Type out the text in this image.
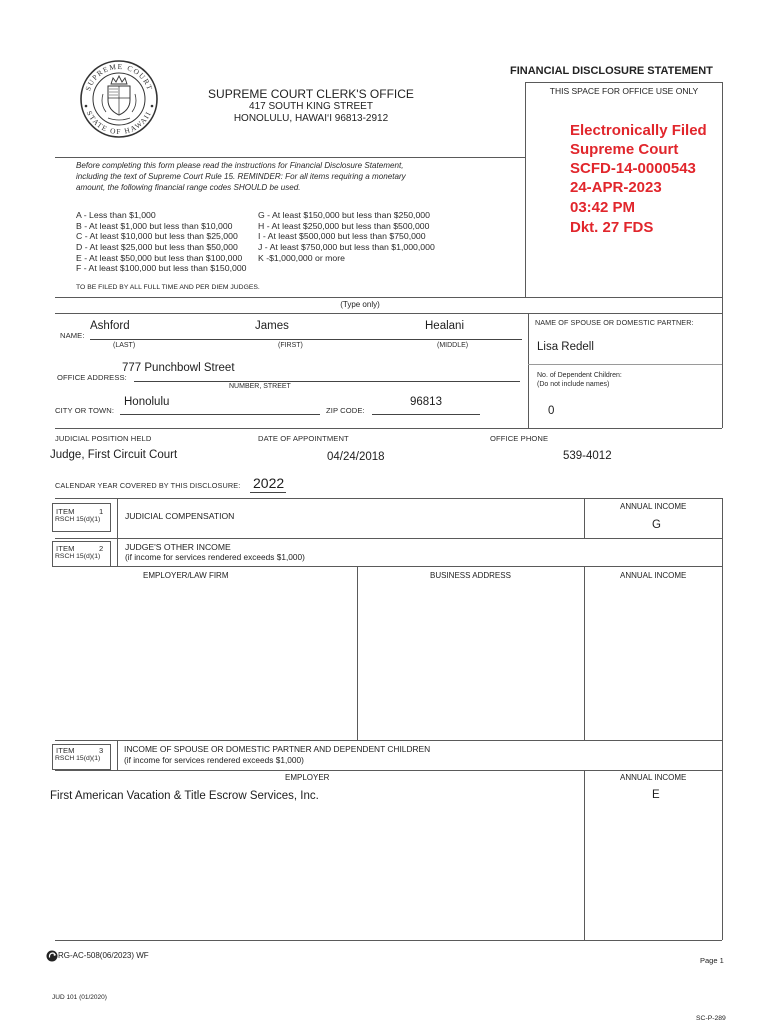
SUPREME COURT
STATE OF HAWAII
FINANCIAL DISCLOSURE STATEMENT
THIS SPACE FOR OFFICE USE ONLY
Electronically Filed
Supreme Court
SCFD-14-0000543
24-APR-2023
03:42 PM
Dkt. 27 FDS
SUPREME COURT CLERK'S OFFICE
417 SOUTH KING STREET
HONOLULU, HAWAI‘I 96813-2912
Before completing this form please read the instructions for Financial Disclosure Statement,
including the text of Supreme Court Rule 15. REMINDER: For all items requiring a monetary
amount, the following financial range codes SHOULD be used.
A - Less than $1,000
B - At least $1,000 but less than $10,000
C - At least $10,000 but less than $25,000
D - At least $25,000 but less than $50,000
E - At least $50,000 but less than $100,000
F - At least $100,000 but less than $150,000
G - At least $150,000 but less than $250,000
H - At least $250,000 but less than $500,000
I - At least $500,000 but less than $750,000
J - At least $750,000 but less than $1,000,000
K -$1,000,000 or more
TO BE FILED BY ALL FULL TIME AND PER DIEM JUDGES.
(Type only)
NAME OF SPOUSE OR DOMESTIC PARTNER:
Lisa Redell
No. of Dependent Children:
(Do not include names)
0
NAME:
Ashford	James	Healani
(LAST)	(FIRST)	(MIDDLE)
OFFICE ADDRESS:
777 Punchbowl Street
NUMBER, STREET
CITY OR TOWN:
Honolulu
ZIP CODE:
96813
JUDICIAL POSITION HELD	DATE OF APPOINTMENT	OFFICE PHONE
Judge, First Circuit Court	04/24/2018	539-4012
CALENDAR YEAR COVERED BY THIS DISCLOSURE: 2022
ITEM	1
RSCH 15(d)(1)	JUDICIAL COMPENSATION
ANNUAL INCOME
G
ITEM	2
RSCH 15(d)(1)
JUDGE'S OTHER INCOME
(if income for services rendered exceeds $1,000)
EMPLOYER/LAW FIRM	BUSINESS ADDRESS	ANNUAL INCOME
ITEM	3
RSCH 15(d)(1)
INCOME OF SPOUSE OR DOMESTIC PARTNER AND DEPENDENT CHILDREN
(if income for services rendered exceeds $1,000)
EMPLOYER	ANNUAL INCOME
First American Vacation & Title Escrow Services, Inc.	E
RG-AC-508(06/2023) WF
JUD 101 (01/2020)
Page 1
SC-P-289
